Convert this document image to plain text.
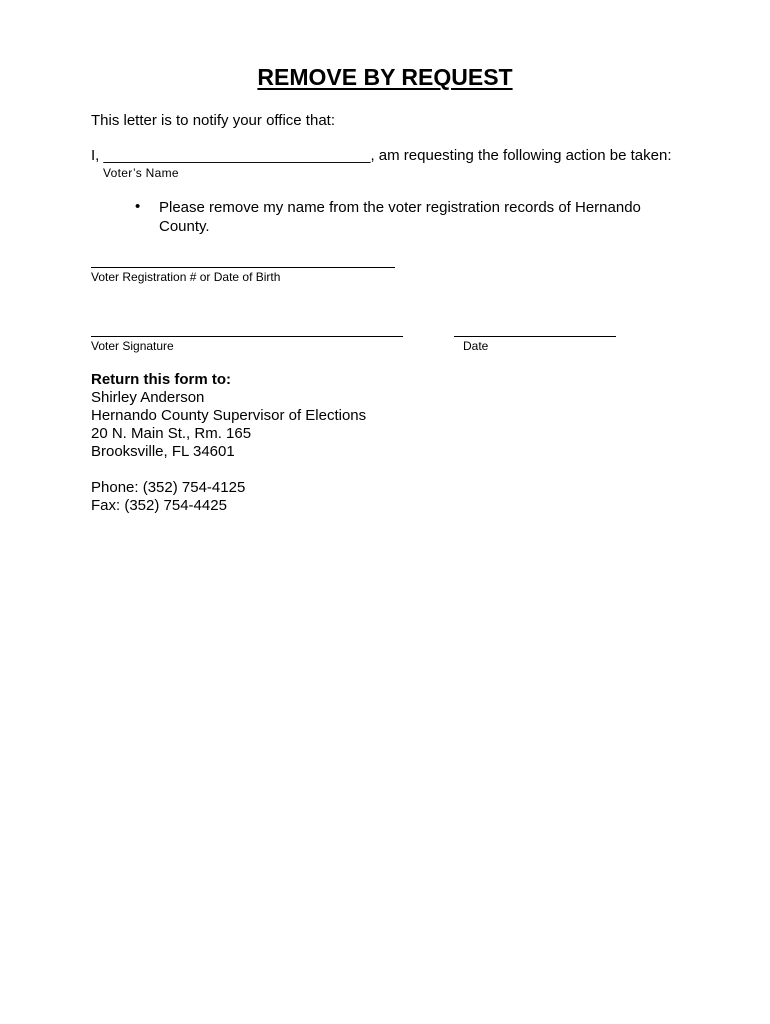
REMOVE BY REQUEST
This letter is to notify your office that:
I, ________________________________, am requesting the following action be taken:
Voter’s Name
• Please remove my name from the voter registration records of Hernando County.
Voter Registration # or Date of Birth
Voter Signature	Date
Return this form to:
Shirley Anderson
Hernando County Supervisor of Elections
20 N. Main St., Rm. 165
Brooksville, FL 34601
Phone: (352) 754-4125
Fax: (352) 754-4425
